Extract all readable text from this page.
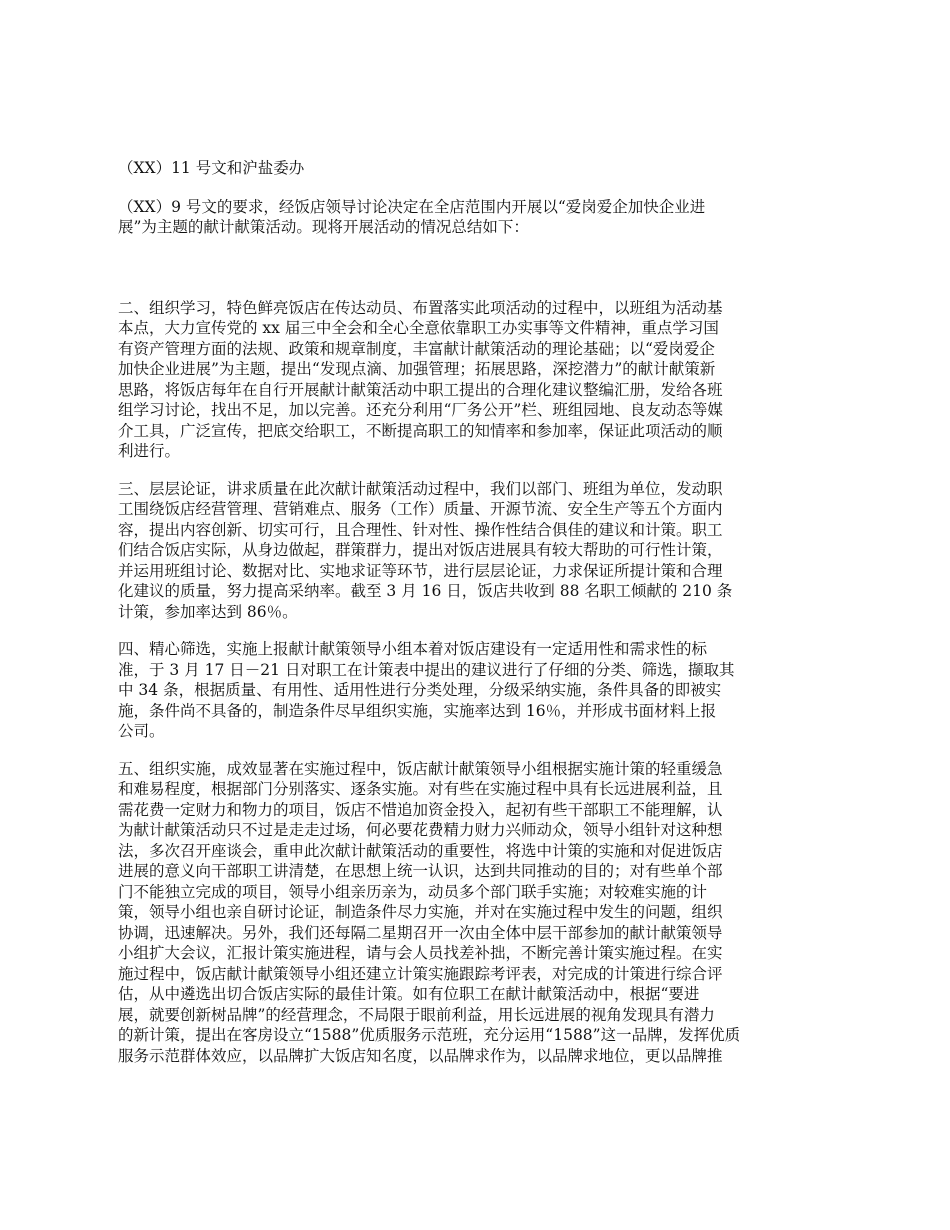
（XX）11 号文和沪盐委办

（XX）9 号文的要求，经饭店领导讨论决定在全店范围内开展以“爱岗爱企加快企业进

展”为主题的献计献策活动。现将开展活动的情况总结如下：

二、组织学习，特色鲜亮饭店在传达动员、布置落实此项活动的过程中，以班组为活动基
本点，大力宣传党的 xx 届三中全会和全心全意依靠职工办实事等文件精神，重点学习国
有资产管理方面的法规、政策和规章制度，丰富献计献策活动的理论基础；以“爱岗爱企
加快企业进展”为主题，提出“发现点滴、加强管理；拓展思路，深挖潜力”的献计献策新
思路，将饭店每年在自行开展献计献策活动中职工提出的合理化建议整编汇册，发给各班
组学习讨论，找出不足，加以完善。还充分利用“厂务公开”栏、班组园地、良友动态等媒
介工具，广泛宣传，把底交给职工，不断提高职工的知情率和参加率，保证此项活动的顺
利进行。
三、层层论证，讲求质量在此次献计献策活动过程中，我们以部门、班组为单位，发动职
工围绕饭店经营管理、营销难点、服务（工作）质量、开源节流、安全生产等五个方面内
容，提出内容创新、切实可行，且合理性、针对性、操作性结合俱佳的建议和计策。职工
们结合饭店实际，从身边做起，群策群力，提出对饭店进展具有较大帮助的可行性计策，
并运用班组讨论、数据对比、实地求证等环节，进行层层论证，力求保证所提计策和合理
化建议的质量，努力提高采纳率。截至 3 月 16 日，饭店共收到 88 名职工倾献的 210 条
计策，参加率达到 86％。
四、精心筛选，实施上报献计献策领导小组本着对饭店建设有一定适用性和需求性的标
准，于 3 月 17 日－21 日对职工在计策表中提出的建议进行了仔细的分类、筛选，撷取其
中 34 条，根据质量、有用性、适用性进行分类处理，分级采纳实施，条件具备的即被实
施，条件尚不具备的，制造条件尽早组织实施，实施率达到 16％，并形成书面材料上报
公司。
五、组织实施，成效显著在实施过程中，饭店献计献策领导小组根据实施计策的轻重缓急
和难易程度，根据部门分别落实、逐条实施。对有些在实施过程中具有长远进展利益，且
需花费一定财力和物力的项目，饭店不惜追加资金投入，起初有些干部职工不能理解，认
为献计献策活动只不过是走走过场，何必要花费精力财力兴师动众，领导小组针对这种想
法，多次召开座谈会，重申此次献计献策活动的重要性，将选中计策的实施和对促进饭店
进展的意义向干部职工讲清楚，在思想上统一认识，达到共同推动的目的；对有些单个部
门不能独立完成的项目，领导小组亲历亲为，动员多个部门联手实施；对较难实施的计
策，领导小组也亲自研讨论证，制造条件尽力实施，并对在实施过程中发生的问题，组织
协调，迅速解决。另外，我们还每隔二星期召开一次由全体中层干部参加的献计献策领导
小组扩大会议，汇报计策实施进程，请与会人员找差补拙，不断完善计策实施过程。在实
施过程中，饭店献计献策领导小组还建立计策实施跟踪考评表，对完成的计策进行综合评
估，从中遴选出切合饭店实际的最佳计策。如有位职工在献计献策活动中，根据“要进
展，就要创新树品牌”的经营理念，不局限于眼前利益，用长远进展的视角发现具有潜力
的新计策，提出在客房设立“1588”优质服务示范班，充分运用“1588”这一品牌，发挥优质
服务示范群体效应，以品牌扩大饭店知名度，以品牌求作为，以品牌求地位，更以品牌推
